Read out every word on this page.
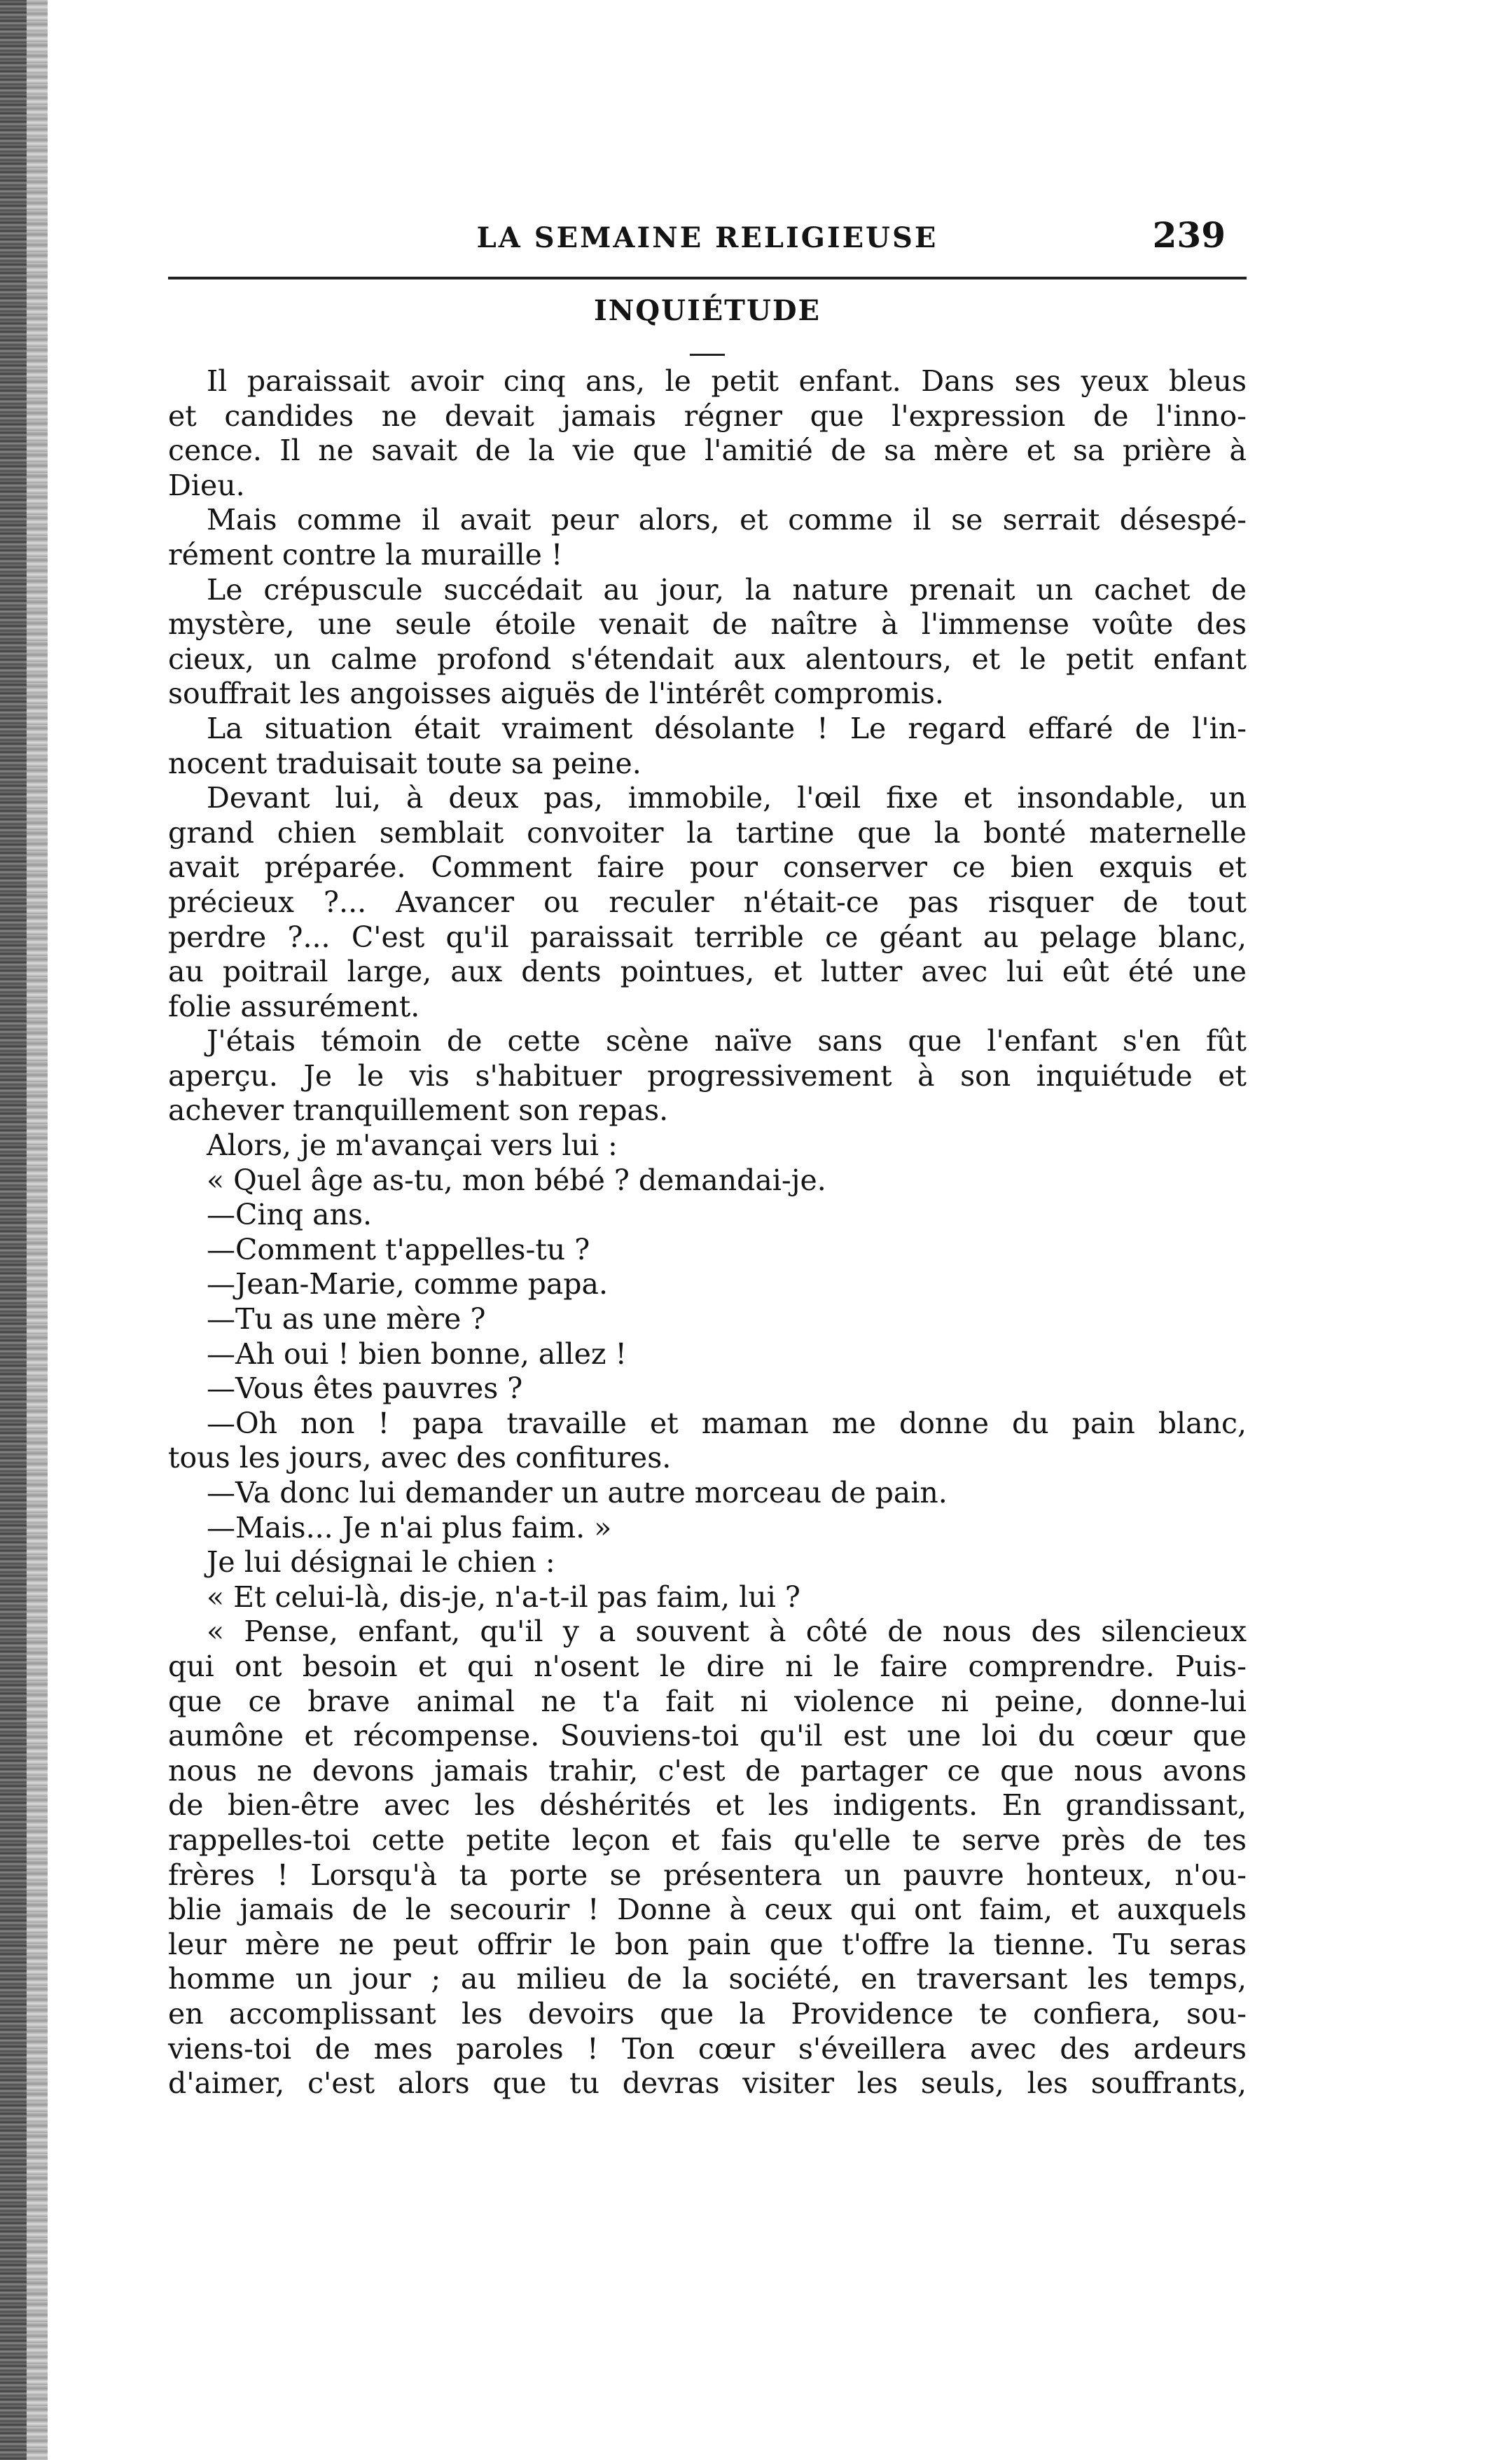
LA SEMAINE RELIGIEUSE	239
INQUIÉTUDE
Il paraissait avoir cinq ans, le petit enfant. Dans ses yeux bleus
et candides ne devait jamais régner que l'expression de l'inno-
cence. Il ne savait de la vie que l'amitié de sa mère et sa prière à
Dieu.
Mais comme il avait peur alors, et comme il se serrait désespé-
rément contre la muraille !
Le crépuscule succédait au jour, la nature prenait un cachet de
mystère, une seule étoile venait de naître à l'immense voûte des
cieux, un calme profond s'étendait aux alentours, et le petit enfant
souffrait les angoisses aiguës de l'intérêt compromis.
La situation était vraiment désolante ! Le regard effaré de l'in-
nocent traduisait toute sa peine.
Devant lui, à deux pas, immobile, l'œil fixe et insondable, un
grand chien semblait convoiter la tartine que la bonté maternelle
avait préparée. Comment faire pour conserver ce bien exquis et
précieux ?... Avancer ou reculer n'était-ce pas risquer de tout
perdre ?... C'est qu'il paraissait terrible ce géant au pelage blanc,
au poitrail large, aux dents pointues, et lutter avec lui eût été une
folie assurément.
J'étais témoin de cette scène naïve sans que l'enfant s'en fût
aperçu. Je le vis s'habituer progressivement à son inquiétude et
achever tranquillement son repas.
Alors, je m'avançai vers lui :
« Quel âge as-tu, mon bébé ? demandai-je.
—Cinq ans.
—Comment t'appelles-tu ?
—Jean-Marie, comme papa.
—Tu as une mère ?
—Ah oui ! bien bonne, allez !
—Vous êtes pauvres ?
—Oh non ! papa travaille et maman me donne du pain blanc,
tous les jours, avec des confitures.
—Va donc lui demander un autre morceau de pain.
—Mais... Je n'ai plus faim. »
Je lui désignai le chien :
« Et celui-là, dis-je, n'a-t-il pas faim, lui ?
« Pense, enfant, qu'il y a souvent à côté de nous des silencieux
qui ont besoin et qui n'osent le dire ni le faire comprendre. Puis-
que ce brave animal ne t'a fait ni violence ni peine, donne-lui
aumône et récompense. Souviens-toi qu'il est une loi du cœur que
nous ne devons jamais trahir, c'est de partager ce que nous avons
de bien-être avec les déshérités et les indigents. En grandissant,
rappelles-toi cette petite leçon et fais qu'elle te serve près de tes
frères ! Lorsqu'à ta porte se présentera un pauvre honteux, n'ou-
blie jamais de le secourir ! Donne à ceux qui ont faim, et auxquels
leur mère ne peut offrir le bon pain que t'offre la tienne. Tu seras
homme un jour ; au milieu de la société, en traversant les temps,
en accomplissant les devoirs que la Providence te confiera, sou-
viens-toi de mes paroles ! Ton cœur s'éveillera avec des ardeurs
d'aimer, c'est alors que tu devras visiter les seuls, les souffrants,
